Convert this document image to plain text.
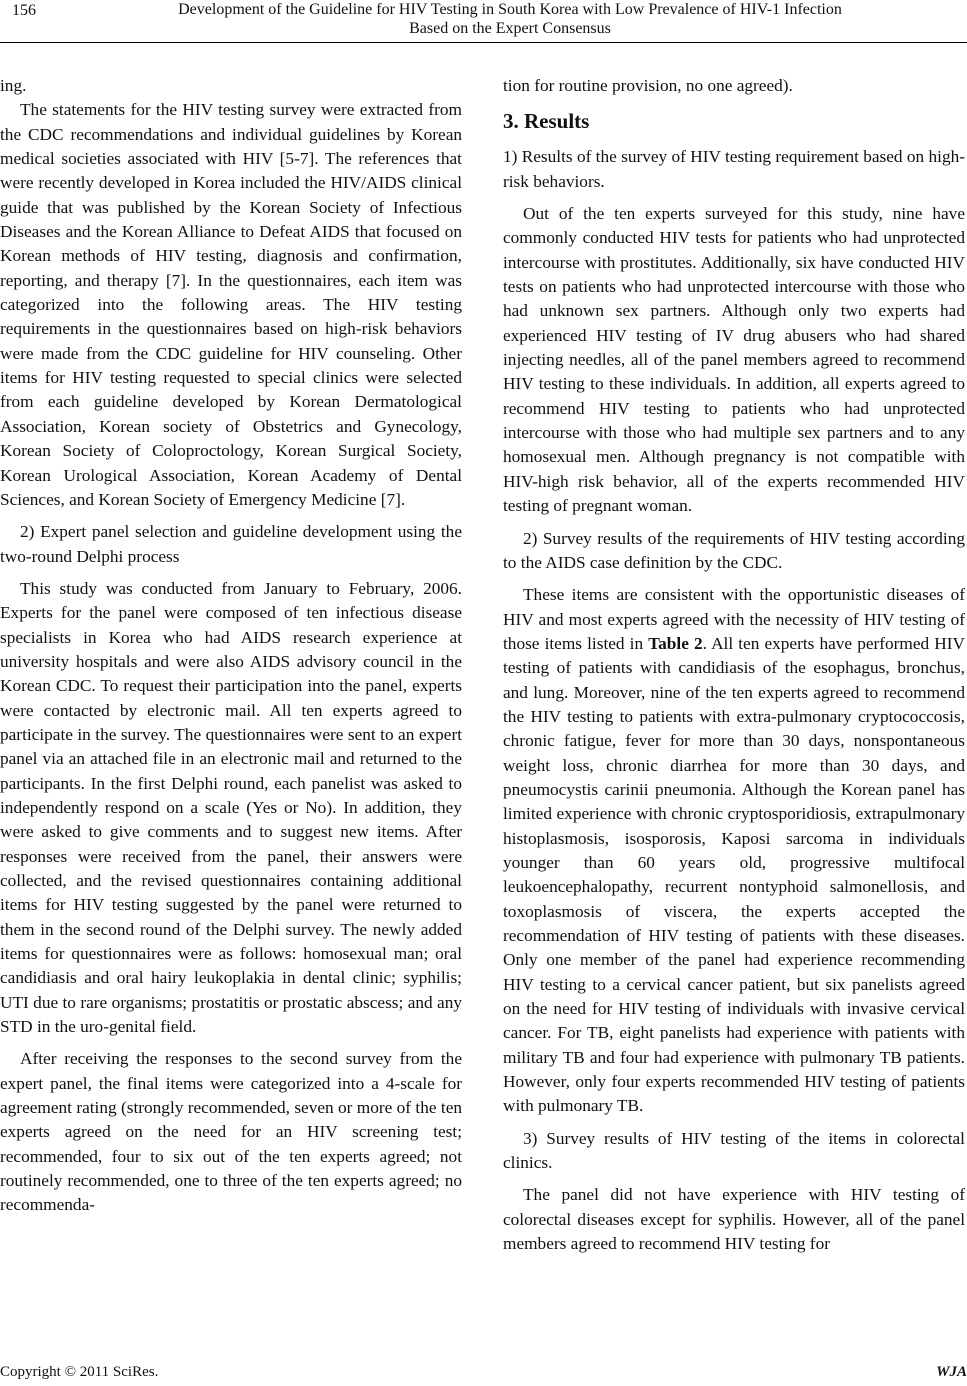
156	Development of the Guideline for HIV Testing in South Korea with Low Prevalence of HIV-1 Infection
Based on the Expert Consensus

ing.

The statements for the HIV testing survey were extracted from the CDC recommendations and individual guidelines by Korean medical societies associated with HIV [5-7]. The references that were recently developed in Korea included the HIV/AIDS clinical guide that was published by the Korean Society of Infectious Diseases and the Korean Alliance to Defeat AIDS that focused on Korean methods of HIV testing, diagnosis and confirmation, reporting, and therapy [7]. In the questionnaires, each item was categorized into the following areas. The HIV testing requirements in the questionnaires based on high-risk behaviors were made from the CDC guideline for HIV counseling. Other items for HIV testing requested to special clinics were selected from each guideline developed by Korean Dermatological Association, Korean society of Obstetrics and Gynecology, Korean Society of Coloproctology, Korean Surgical Society, Korean Urological Association, Korean Academy of Dental Sciences, and Korean Society of Emergency Medicine [7].

2) Expert panel selection and guideline development using the two-round Delphi process

This study was conducted from January to February, 2006. Experts for the panel were composed of ten infectious disease specialists in Korea who had AIDS research experience at university hospitals and were also AIDS advisory council in the Korean CDC. To request their participation into the panel, experts were contacted by electronic mail. All ten experts agreed to participate in the survey. The questionnaires were sent to an expert panel via an attached file in an electronic mail and returned to the participants. In the first Delphi round, each panelist was asked to independently respond on a scale (Yes or No). In addition, they were asked to give comments and to suggest new items. After responses were received from the panel, their answers were collected, and the revised questionnaires containing additional items for HIV testing suggested by the panel were returned to them in the second round of the Delphi survey. The newly added items for questionnaires were as follows: homosexual man; oral candidiasis and oral hairy leukoplakia in dental clinic; syphilis; UTI due to rare organisms; prostatitis or prostatic abscess; and any STD in the uro-genital field.

After receiving the responses to the second survey from the expert panel, the final items were categorized into a 4-scale for agreement rating (strongly recommended, seven or more of the ten experts agreed on the need for an HIV screening test; recommended, four to six out of the ten experts agreed; not routinely recommended, one to three of the ten experts agreed; no recommenda-

tion for routine provision, no one agreed).

3. Results

1) Results of the survey of HIV testing requirement based on high-risk behaviors.

Out of the ten experts surveyed for this study, nine have commonly conducted HIV tests for patients who had unprotected intercourse with prostitutes. Additionally, six have conducted HIV tests on patients who had unprotected intercourse with those who had unknown sex partners. Although only two experts had experienced HIV testing of IV drug abusers who had shared injecting needles, all of the panel members agreed to recommend HIV testing to these individuals. In addition, all experts agreed to recommend HIV testing to patients who had unprotected intercourse with those who had multiple sex partners and to any homosexual men. Although pregnancy is not compatible with HIV-high risk behavior, all of the experts recommended HIV testing of pregnant woman.

2) Survey results of the requirements of HIV testing according to the AIDS case definition by the CDC.

These items are consistent with the opportunistic diseases of HIV and most experts agreed with the necessity of HIV testing of those items listed in Table 2. All ten experts have performed HIV testing of patients with candidiasis of the esophagus, bronchus, and lung. Moreover, nine of the ten experts agreed to recommend the HIV testing to patients with extra-pulmonary cryptococcosis, chronic fatigue, fever for more than 30 days, nonspontaneous weight loss, chronic diarrhea for more than 30 days, and pneumocystis carinii pneumonia. Although the Korean panel has limited experience with chronic cryptosporidiosis, extrapulmonary histoplasmosis, isosporosis, Kaposi sarcoma in individuals younger than 60 years old, progressive multifocal leukoencephalopathy, recurrent nontyphoid salmonellosis, and toxoplasmosis of viscera, the experts accepted the recommendation of HIV testing of patients with these diseases. Only one member of the panel had experience recommending HIV testing to a cervical cancer patient, but six panelists agreed on the need for HIV testing of individuals with invasive cervical cancer. For TB, eight panelists had experience with patients with military TB and four had experience with pulmonary TB patients. However, only four experts recommended HIV testing of patients with pulmonary TB.

3) Survey results of HIV testing of the items in colorectal clinics.

The panel did not have experience with HIV testing of colorectal diseases except for syphilis. However, all of the panel members agreed to recommend HIV testing for

Copyright © 2011 SciRes.	WJA
